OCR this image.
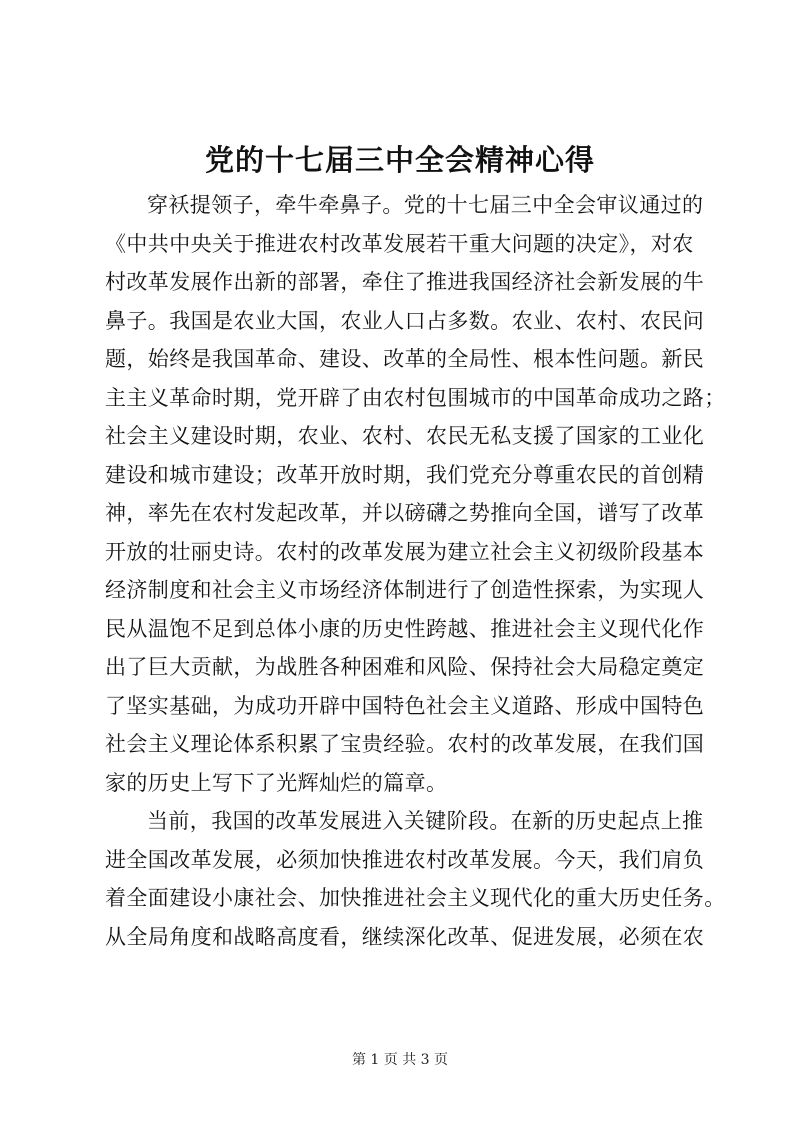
党的十七届三中全会精神心得
穿袄提领子，牵牛牵鼻子。党的十七届三中全会审议通过的
《中共中央关于推进农村改革发展若干重大问题的决定》，对农
村改革发展作出新的部署，牵住了推进我国经济社会新发展的牛
鼻子。我国是农业大国，农业人口占多数。农业、农村、农民问
题，始终是我国革命、建设、改革的全局性、根本性问题。新民
主主义革命时期，党开辟了由农村包围城市的中国革命成功之路；
社会主义建设时期，农业、农村、农民无私支援了国家的工业化
建设和城市建设；改革开放时期，我们党充分尊重农民的首创精
神，率先在农村发起改革，并以磅礴之势推向全国，谱写了改革
开放的壮丽史诗。农村的改革发展为建立社会主义初级阶段基本
经济制度和社会主义市场经济体制进行了创造性探索，为实现人
民从温饱不足到总体小康的历史性跨越、推进社会主义现代化作
出了巨大贡献，为战胜各种困难和风险、保持社会大局稳定奠定
了坚实基础，为成功开辟中国特色社会主义道路、形成中国特色
社会主义理论体系积累了宝贵经验。农村的改革发展，在我们国
家的历史上写下了光辉灿烂的篇章。
当前，我国的改革发展进入关键阶段。在新的历史起点上推
进全国改革发展，必须加快推进农村改革发展。今天，我们肩负
着全面建设小康社会、加快推进社会主义现代化的重大历史任务。
从全局角度和战略高度看，继续深化改革、促进发展，必须在农
第 1 页 共 3 页
